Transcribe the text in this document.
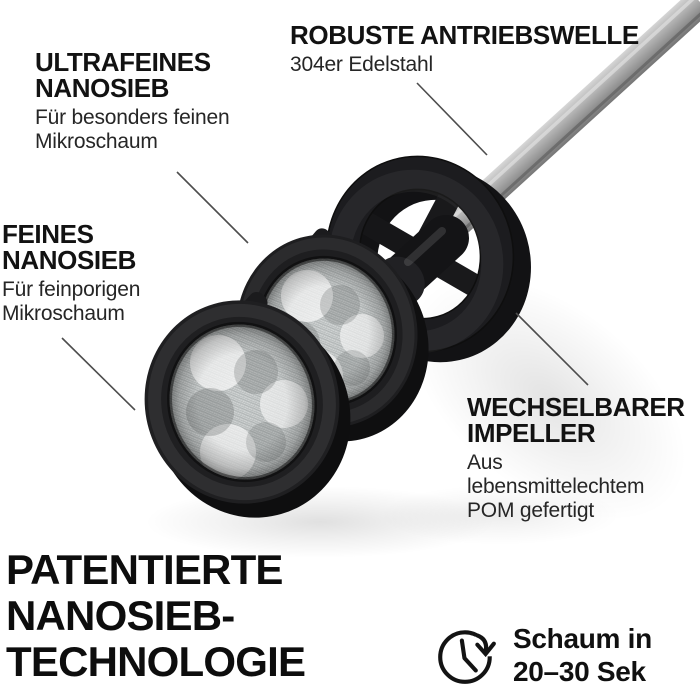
ULTRAFEINES
NANOSIEB
Für besonders feinen
Mikroschaum
ROBUSTE ANTRIEBSWELLE
304er Edelstahl
FEINES
NANOSIEB
Für feinporigen
Mikroschaum
WECHSELBARER
IMPELLER
Aus
lebensmittelechtem
POM gefertigt
PATENTIERTE
NANOSIEB-
TECHNOLOGIE	Schaum in
20–30 Sek
